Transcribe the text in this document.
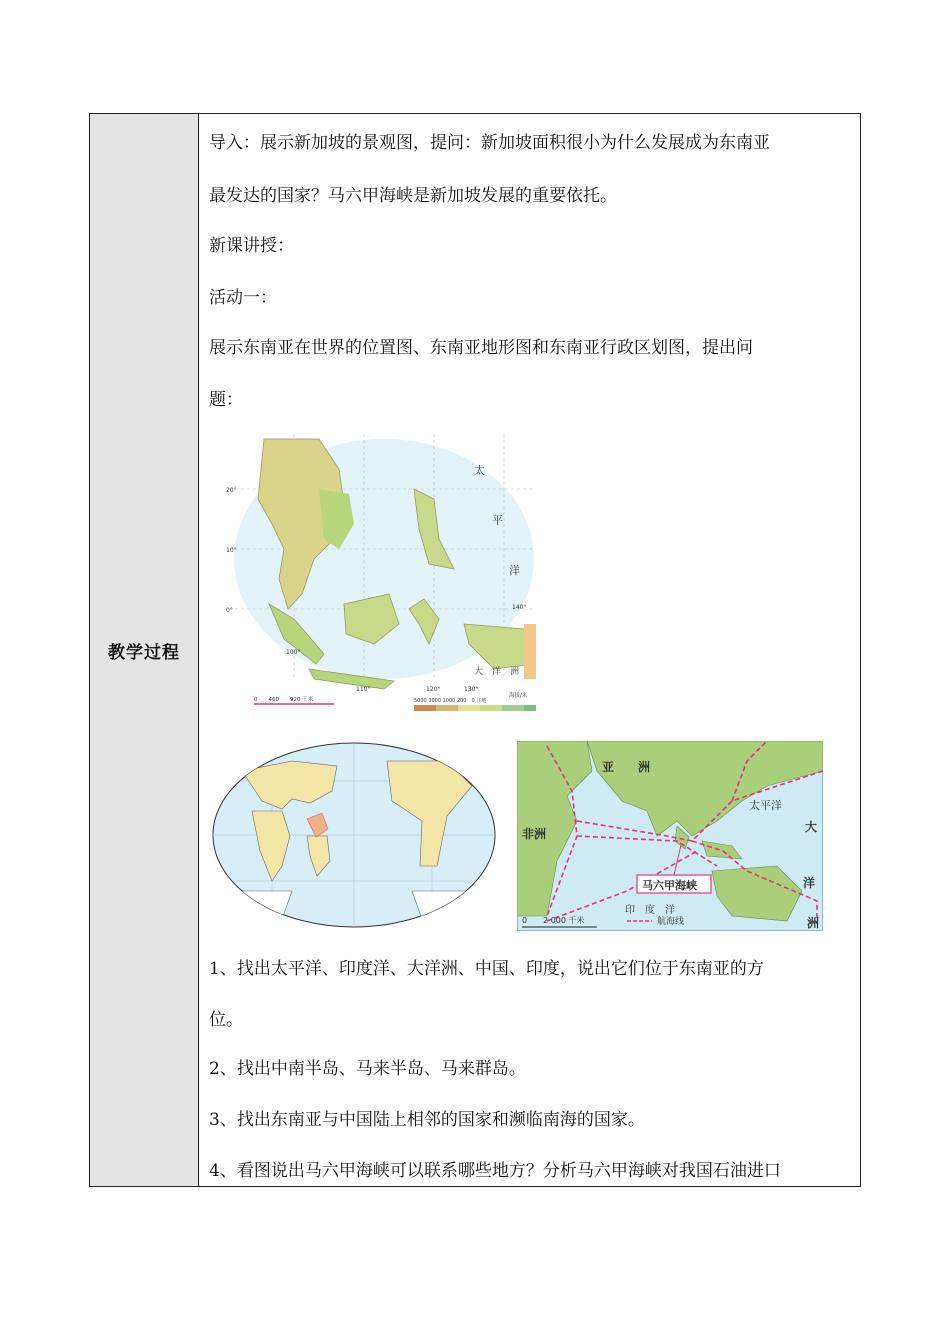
教学过程

导入：展示新加坡的景观图，提问：新加坡面积很小为什么发展成为东南亚

最发达的国家？马六甲海峡是新加坡发展的重要依托。

新课讲授：

活动一：

展示东南亚在世界的位置图、东南亚地形图和东南亚行政区划图，提出问

题：

太
平
洋
大　洋　洲
20°
10°
0°
100°
110°	120°	130°
140°
0　　460　　920 千米
海拔/米
5000 3000 1000 200　0 注地
亚　　洲
非洲
太平洋
大
洋
洲
印　度　洋
马六甲海峡
0　　2 000 千米	航海线

1、找出太平洋、印度洋、大洋洲、中国、印度，说出它们位于东南亚的方

位。

2、找出中南半岛、马来半岛、马来群岛。

3、找出东南亚与中国陆上相邻的国家和濒临南海的国家。

4、看图说出马六甲海峡可以联系哪些地方？分析马六甲海峡对我国石油进口
